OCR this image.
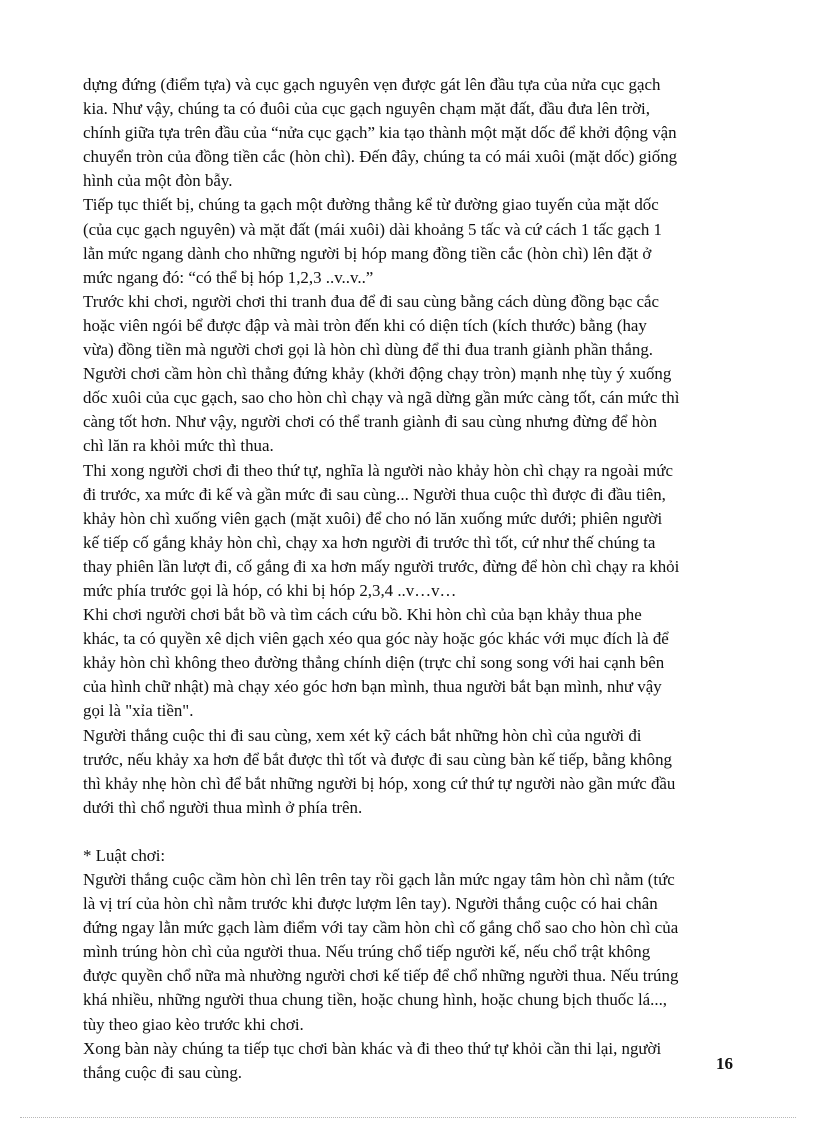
dựng đứng (điểm tựa) và cục gạch nguyên vẹn được gát lên đầu tựa của nửa cục gạch
kia. Như vậy, chúng ta có đuôi của cục gạch nguyên chạm mặt đất, đầu đưa lên trời,
chính giữa tựa trên đầu của “nửa cục gạch” kia tạo thành một mặt dốc để khởi động vận
chuyển tròn của đồng tiền cắc (hòn chì). Đến đây, chúng ta có mái xuôi (mặt dốc) giống
hình của một đòn bẫy.
Tiếp tục thiết bị, chúng ta gạch một đường thẳng kể từ đường giao tuyến của mặt dốc
(của cục gạch nguyên) và mặt đất (mái xuôi) dài khoảng 5 tấc và cứ cách 1 tấc gạch 1
lằn mức ngang dành cho những người bị hóp mang đồng tiền cắc (hòn chì) lên đặt ở
mức ngang đó: “có thể bị hóp 1,2,3 ..v..v..”
Trước khi chơi, người chơi thi tranh đua để đi sau cùng bằng cách dùng đồng bạc cắc
hoặc viên ngói bể được đập và mài tròn đến khi có diện tích (kích thước) bằng (hay
vừa) đồng tiền mà người chơi gọi là hòn chì dùng để thi đua tranh giành phần thắng.
Người chơi cầm hòn chì thẳng đứng khảy (khởi động chạy tròn) mạnh nhẹ tùy ý xuống
dốc xuôi của cục gạch, sao cho hòn chì chạy và ngã dừng gần mức càng tốt, cán mức thì
càng tốt hơn. Như vậy, người chơi có thể tranh giành đi sau cùng nhưng đừng để hòn
chì lăn ra khỏi mức thì thua.
Thi xong người chơi đi theo thứ tự, nghĩa là người nào khảy hòn chì chạy ra ngoài mức
đi trước, xa mức đi kế và gần mức đi sau cùng... Người thua cuộc thì được đi đầu tiên,
khảy hòn chì xuống viên gạch (mặt xuôi) để cho nó lăn xuống mức dưới; phiên người
kế tiếp cố gắng khảy hòn chì, chạy xa hơn người đi trước thì tốt, cứ như thế chúng ta
thay phiên lần lượt đi, cố gắng đi xa hơn mấy người trước, đừng để hòn chì chạy ra khỏi
mức phía trước gọi là hóp, có khi bị hóp 2,3,4 ..v…v…
Khi chơi người chơi bắt bồ và tìm cách cứu bồ. Khi hòn chì của bạn khảy thua phe
khác, ta có quyền xê dịch viên gạch xéo qua góc này hoặc góc khác với mục đích là để
khảy hòn chì không theo đường thẳng chính diện (trực chỉ song song với hai cạnh bên
của hình chữ nhật) mà chạy xéo góc hơn bạn mình, thua người bắt bạn mình, như vậy
gọi là "xỉa tiền".
Người thắng cuộc thi đi sau cùng, xem xét kỹ cách bắt những hòn chì của người đi
trước, nếu khảy xa hơn để bắt được thì tốt và được đi sau cùng bàn kế tiếp, bằng không
thì khảy nhẹ hòn chì để bắt những người bị hóp, xong cứ thứ tự người nào gần mức đầu
dưới thì chổ người thua mình ở phía trên.
* Luật chơi:
Người thắng cuộc cầm hòn chì lên trên tay rồi gạch lằn mức ngay tâm hòn chì nằm (tức
là vị trí của hòn chì nằm trước khi được lượm lên tay). Người thắng cuộc có hai chân
đứng ngay lằn mức gạch làm điểm với tay cầm hòn chì cố gắng chổ sao cho hòn chì của
mình trúng hòn chì của người thua. Nếu trúng chổ tiếp người kế, nếu chổ trật không
được quyền chổ nữa mà nhường người chơi kế tiếp để chổ những người thua. Nếu trúng
khá nhiều, những người thua chung tiền, hoặc chung hình, hoặc chung bịch thuốc lá...,
tùy theo giao kèo trước khi chơi.
Xong bàn này chúng ta tiếp tục chơi bàn khác và đi theo thứ tự khỏi cần thi lại, người
thắng cuộc đi sau cùng.	16
